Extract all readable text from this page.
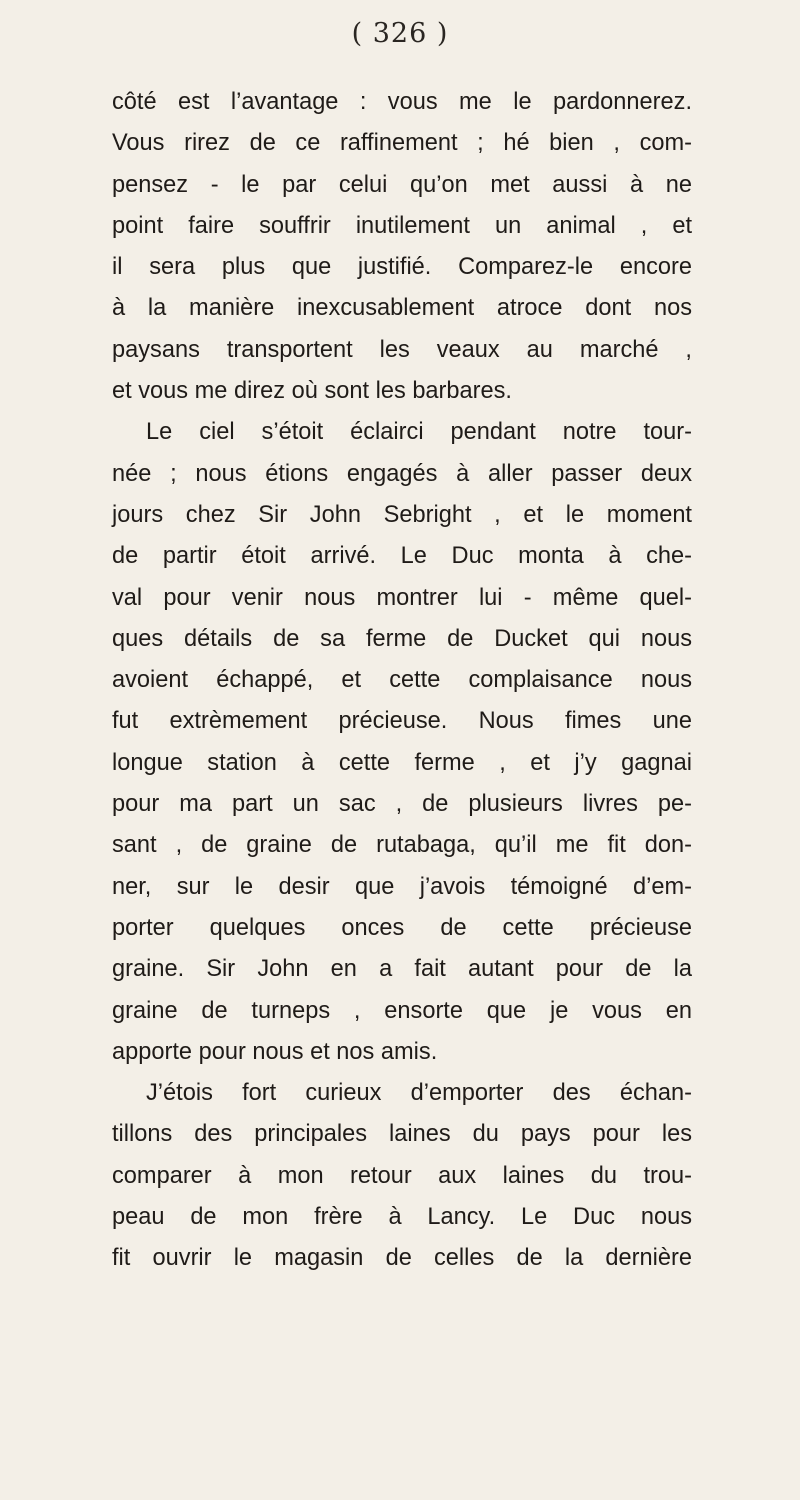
( 326 )
côté est l’avantage : vous me le pardonnerez.
Vous rirez de ce raffinement ; hé bien , com-
pensez - le par celui qu’on met aussi à ne
point faire souffrir inutilement un animal , et
il sera plus que justifié. Comparez-le encore
à la manière inexcusablement atroce dont nos
paysans transportent les veaux au marché ,
et vous me direz où sont les barbares.
Le ciel s’étoit éclairci pendant notre tour-
née ; nous étions engagés à aller passer deux
jours chez Sir John Sebright , et le moment
de partir étoit arrivé. Le Duc monta à che-
val pour venir nous montrer lui - même quel-
ques détails de sa ferme de Ducket qui nous
avoient échappé, et cette complaisance nous
fut extrèmement précieuse. Nous fimes une
longue station à cette ferme , et j’y gagnai
pour ma part un sac , de plusieurs livres pe-
sant , de graine de rutabaga, qu’il me fit don-
ner, sur le desir que j’avois témoigné d’em-
porter quelques onces de cette précieuse
graine. Sir John en a fait autant pour de la
graine de turneps , ensorte que je vous en
apporte pour nous et nos amis.
J’étois fort curieux d’emporter des échan-
tillons des principales laines du pays pour les
comparer à mon retour aux laines du trou-
peau de mon frère à Lancy. Le Duc nous
fit ouvrir le magasin de celles de la dernière
